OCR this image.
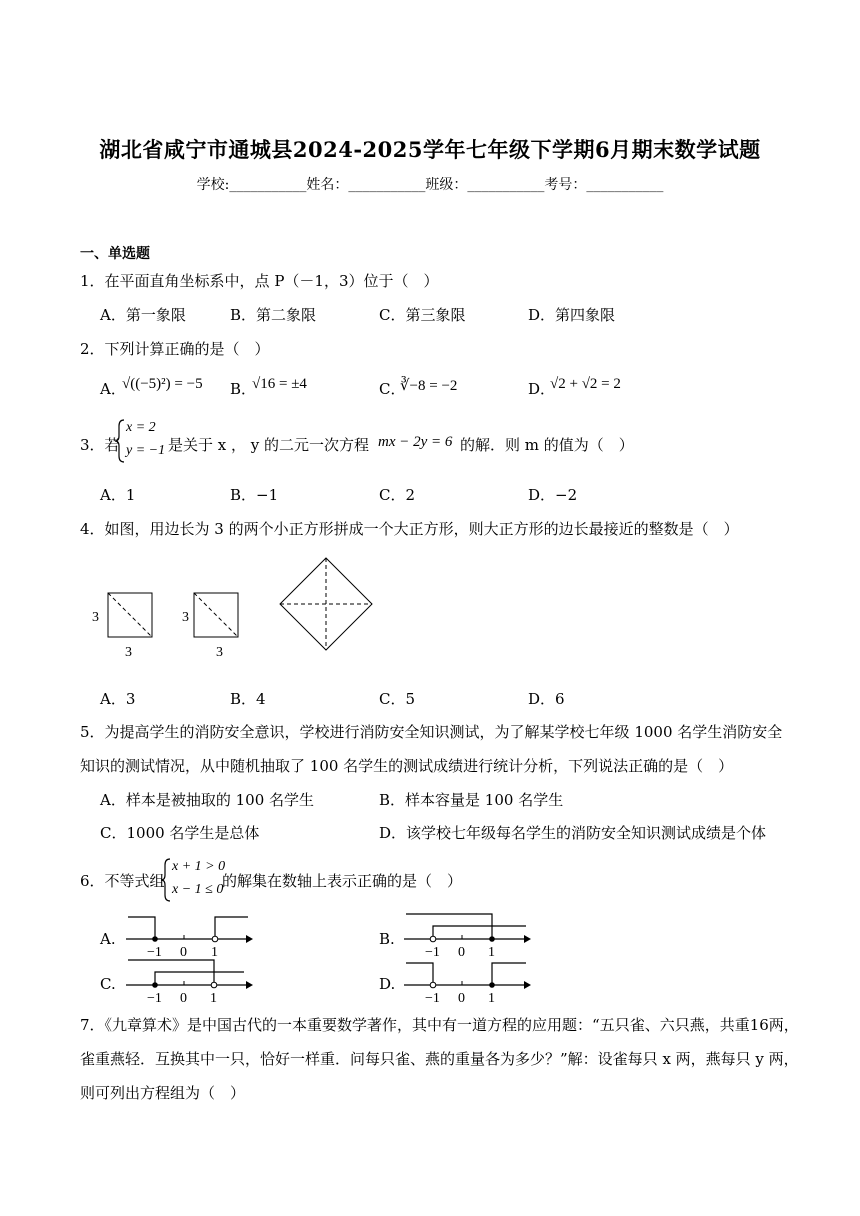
湖北省咸宁市通城县2024-2025学年七年级下学期6月期末数学试题
学校:___________姓名：___________班级：___________考号：___________
一、单选题
1．在平面直角坐标系中，点 P（－1，3）位于（　）
A．第一象限	B．第二象限	C．第三象限	D．第四象限
2．下列计算正确的是（　）
A．
√((−5)²) = −5 B．
√16 = ±4	C．
∛−8 = −2	D．
√2 + √2 = 2
3．若
x = 2
y = −1 是关于 x ， y 的二元一次方程 mx − 2y = 6 的解．则 m 的值为（　）
A．1	B．−1	C．2	D．−2
4．如图，用边长为 3 的两个小正方形拼成一个大正方形，则大正方形的边长最接近的整数是（　）
3
3
3
3
A．3	B．4	C．5	D．6
5．为提高学生的消防安全意识，学校进行消防安全知识测试，为了解某学校七年级 1000 名学生消防安全
知识的测试情况，从中随机抽取了 100 名学生的测试成绩进行统计分析，下列说法正确的是（　）
A．样本是被抽取的 100 名学生	B．样本容量是 100 名学生
C．1000 名学生是总体	D．该学校七年级每名学生的消防安全知识测试成绩是个体
6．不等式组
x + 1 > 0
x − 1 ≤ 0
的解集在数轴上表示正确的是（　）
A.
−1 0 1
B.
−1 0 1
C.
−1 0 1
D.
−1 0 1
7．《九章算术》是中国古代的一本重要数学著作，其中有一道方程的应用题：“五只雀、六只燕，共重16两，
雀重燕轻．互换其中一只，恰好一样重．问每只雀、燕的重量各为多少？”解：设雀每只 x 两，燕每只 y 两，
则可列出方程组为（　）
